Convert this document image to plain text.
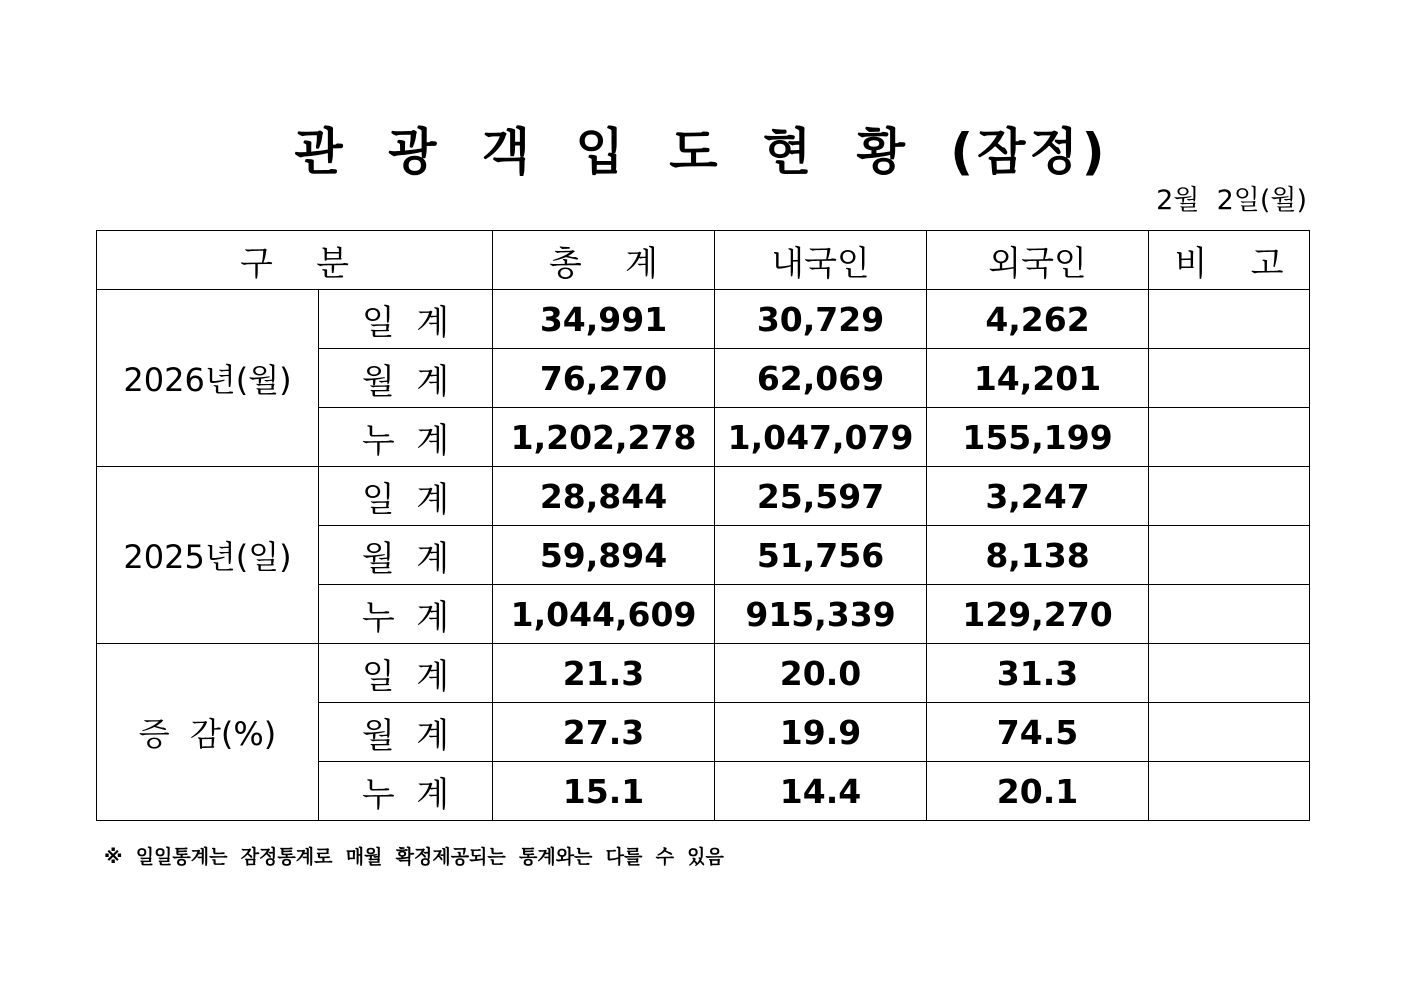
관 광 객 입 도 현 황 (잠정)
2월  2일(월)
구    분		총    계	내국인	외국인	비    고
2026년(월)	일  계	34,991	30,729	4,262	
	월  계	76,270	62,069	14,201	
	누  계	1,202,278	1,047,079	155,199	
2025년(일)	일  계	28,844	25,597	3,247	
	월  계	59,894	51,756	8,138	
	누  계	1,044,609	915,339	129,270	
증  감(%)	일  계	21.3	20.0	31.3	
	월  계	27.3	19.9	74.5	
	누  계	15.1	14.4	20.1	
※  일일통계는  잠정통계로  매월  확정제공되는  통계와는  다를  수  있음
